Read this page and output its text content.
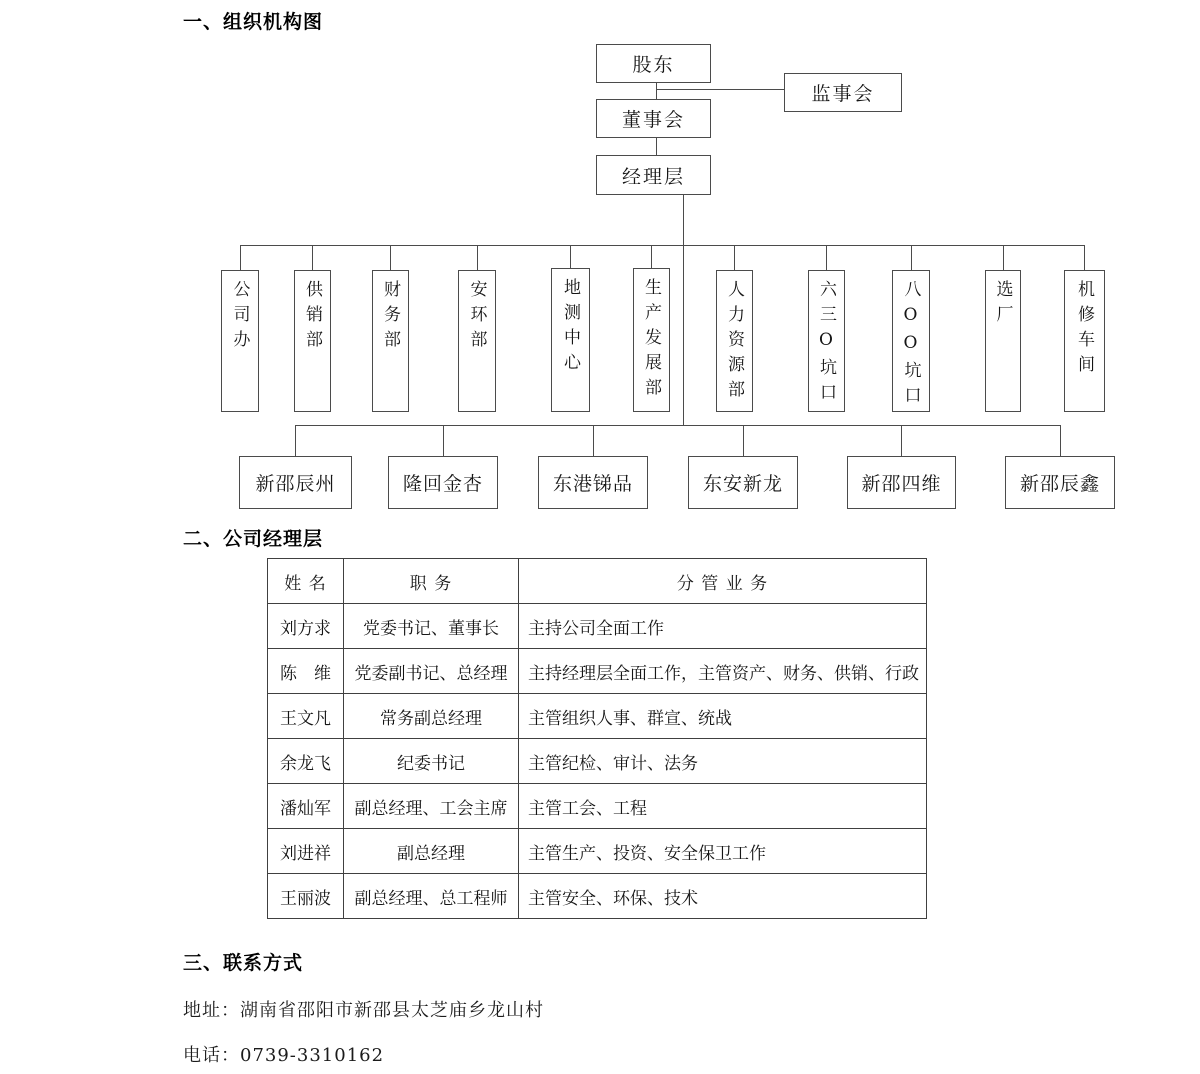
一、组织机构图
股东
监事会
董事会
经理层
公司办	供销部	财务部	安环部	地测中心	生产发展部	人力资源部	六三O坑口	八OO坑口	选厂	机修车间
新邵辰州	隆回金杏	东港锑品	东安新龙	新邵四维	新邵辰鑫
二、公司经理层
姓 名	职 务	分 管 业 务
刘方求	党委书记、董事长	主持公司全面工作
陈　维	党委副书记、总经理	主持经理层全面工作，主管资产、财务、供销、行政
王文凡	常务副总经理	主管组织人事、群宣、统战
余龙飞	纪委书记	主管纪检、审计、法务
潘灿军	副总经理、工会主席	主管工会、工程
刘进祥	副总经理	主管生产、投资、安全保卫工作
王丽波	副总经理、总工程师	主管安全、环保、技术
三、联系方式

地址：湖南省邵阳市新邵县太芝庙乡龙山村

电话：0739-3310162
